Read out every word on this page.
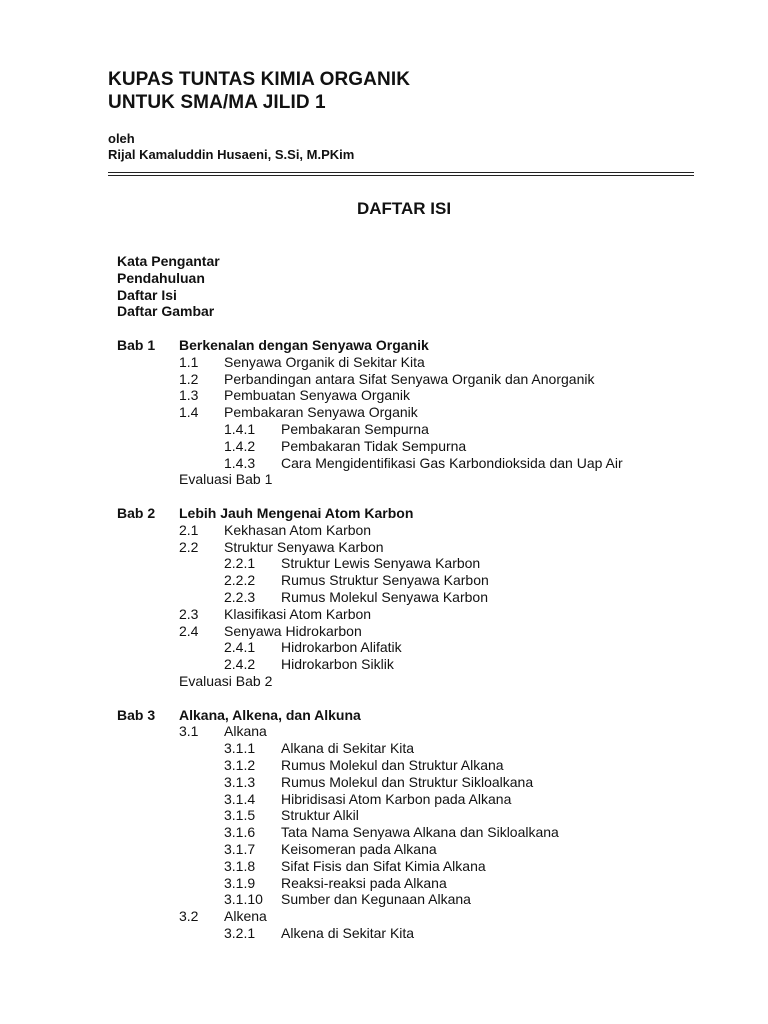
KUPAS TUNTAS KIMIA ORGANIK
UNTUK SMA/MA JILID 1
oleh
Rijal Kamaluddin Husaeni, S.Si, M.PKim
DAFTAR ISI
Kata Pengantar
Pendahuluan
Daftar Isi
Daftar Gambar
Bab 1 Berkenalan dengan Senyawa Organik
1.1 Senyawa Organik di Sekitar Kita
1.2 Perbandingan antara Sifat Senyawa Organik dan Anorganik
1.3 Pembuatan Senyawa Organik
1.4 Pembakaran Senyawa Organik
1.4.1 Pembakaran Sempurna
1.4.2 Pembakaran Tidak Sempurna
1.4.3 Cara Mengidentifikasi Gas Karbondioksida dan Uap Air
Evaluasi Bab 1
Bab 2 Lebih Jauh Mengenai Atom Karbon
2.1 Kekhasan Atom Karbon
2.2 Struktur Senyawa Karbon
2.2.1 Struktur Lewis Senyawa Karbon
2.2.2 Rumus Struktur Senyawa Karbon
2.2.3 Rumus Molekul Senyawa Karbon
2.3 Klasifikasi Atom Karbon
2.4 Senyawa Hidrokarbon
2.4.1 Hidrokarbon Alifatik
2.4.2 Hidrokarbon Siklik
Evaluasi Bab 2
Bab 3 Alkana, Alkena, dan Alkuna
3.1 Alkana
3.1.1 Alkana di Sekitar Kita
3.1.2 Rumus Molekul dan Struktur Alkana
3.1.3 Rumus Molekul dan Struktur Sikloalkana
3.1.4 Hibridisasi Atom Karbon pada Alkana
3.1.5 Struktur Alkil
3.1.6 Tata Nama Senyawa Alkana dan Sikloalkana
3.1.7 Keisomeran pada Alkana
3.1.8 Sifat Fisis dan Sifat Kimia Alkana
3.1.9 Reaksi-reaksi pada Alkana
3.1.10 Sumber dan Kegunaan Alkana
3.2 Alkena
3.2.1 Alkena di Sekitar Kita
